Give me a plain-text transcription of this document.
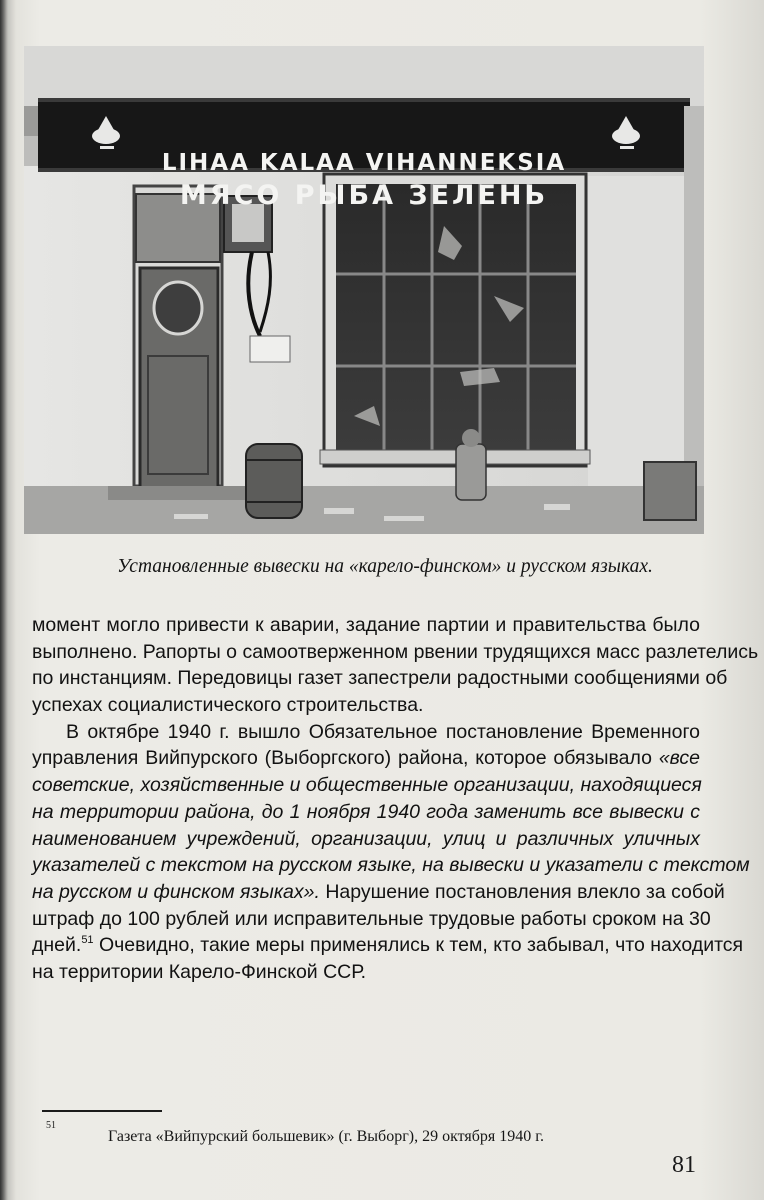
LIHAA KALAA VIHANNEKSIA
МЯСО РЫБА ЗЕЛЕНЬ
Установленные вывески на «карело-финском» и русском языках.
момент могло привести к аварии, задание партии и правительства было
выполнено. Рапорты о самоотверженном рвении трудящихся масс разлетелись
по инстанциям. Передовицы газет запестрели радостными сообщениями об
успехах социалистического строительства.
В октябре 1940 г. вышло Обязательное постановление Временного
управления Вийпурского (Выборгского) района, которое обязывало «все
советские, хозяйственные и общественные организации, находящиеся
на территории района, до 1 ноября 1940 года заменить все вывески с
наименованием учреждений, организации, улиц и различных уличных
указателей с текстом на русском языке, на вывески и указатели с текстом
на русском и финском языках». Нарушение постановления влекло за собой
штраф до 100 рублей или исправительные трудовые работы сроком на 30
дней.$^{51}$ Очевидно, такие меры применялись к тем, кто забывал, что находится
на территории Карело-Финской ССР.
51
Газета «Вийпурский большевик» (г. Выборг), 29 октября 1940 г.
81
